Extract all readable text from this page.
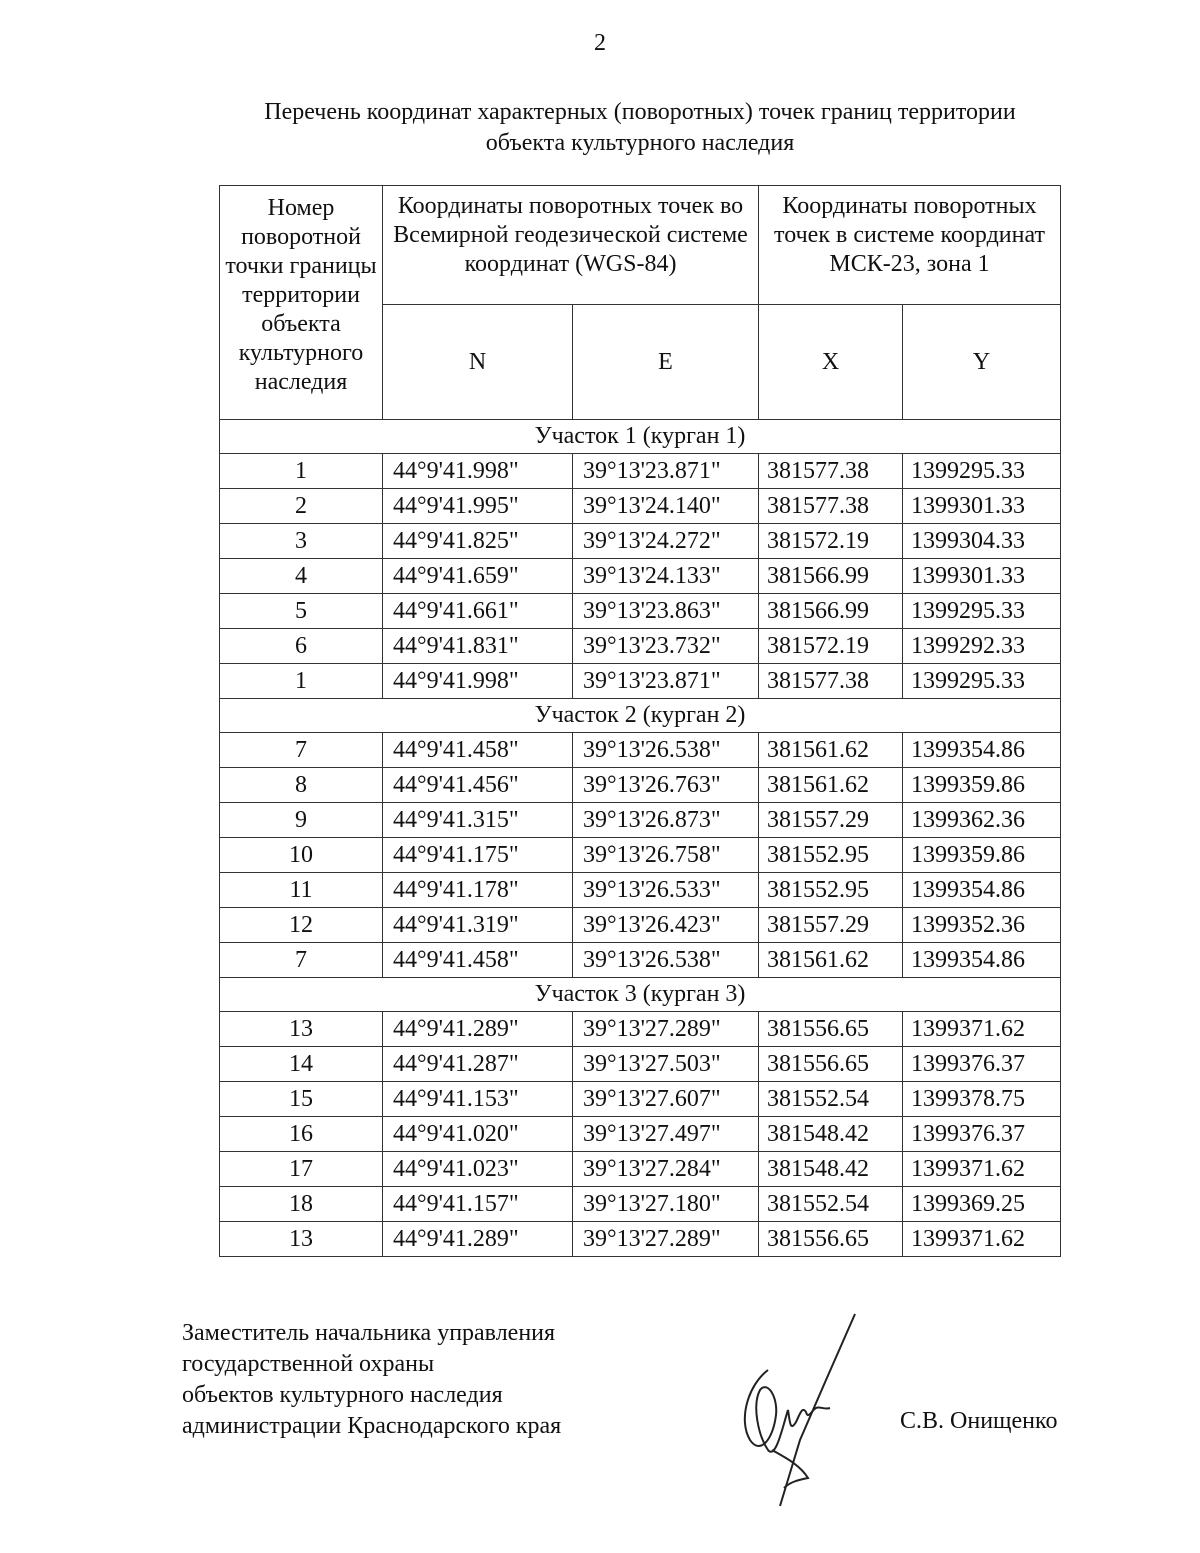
2
Перечень координат характерных (поворотных) точек границ территории
объекта культурного наследия
Номер поворотной точки границы территории объекта культурного наследия	Координаты поворотных точек во Всемирной геодезической системе координат (WGS-84)		Координаты поворотных точек в системе координат МСК-23, зона 1	
	N	E	X	Y
Участок 1 (курган 1)				
1	44°9'41.998"	39°13'23.871"	381577.38	1399295.33
2	44°9'41.995"	39°13'24.140"	381577.38	1399301.33
3	44°9'41.825"	39°13'24.272"	381572.19	1399304.33
4	44°9'41.659"	39°13'24.133"	381566.99	1399301.33
5	44°9'41.661"	39°13'23.863"	381566.99	1399295.33
6	44°9'41.831"	39°13'23.732"	381572.19	1399292.33
1	44°9'41.998"	39°13'23.871"	381577.38	1399295.33
Участок 2 (курган 2)				
7	44°9'41.458"	39°13'26.538"	381561.62	1399354.86
8	44°9'41.456"	39°13'26.763"	381561.62	1399359.86
9	44°9'41.315"	39°13'26.873"	381557.29	1399362.36
10	44°9'41.175"	39°13'26.758"	381552.95	1399359.86
11	44°9'41.178"	39°13'26.533"	381552.95	1399354.86
12	44°9'41.319"	39°13'26.423"	381557.29	1399352.36
7	44°9'41.458"	39°13'26.538"	381561.62	1399354.86
Участок 3 (курган 3)				
13	44°9'41.289"	39°13'27.289"	381556.65	1399371.62
14	44°9'41.287"	39°13'27.503"	381556.65	1399376.37
15	44°9'41.153"	39°13'27.607"	381552.54	1399378.75
16	44°9'41.020"	39°13'27.497"	381548.42	1399376.37
17	44°9'41.023"	39°13'27.284"	381548.42	1399371.62
18	44°9'41.157"	39°13'27.180"	381552.54	1399369.25
13	44°9'41.289"	39°13'27.289"	381556.65	1399371.62
Заместитель начальника управления
государственной охраны
объектов культурного наследия
администрации Краснодарского края	С.В. Онищенко
